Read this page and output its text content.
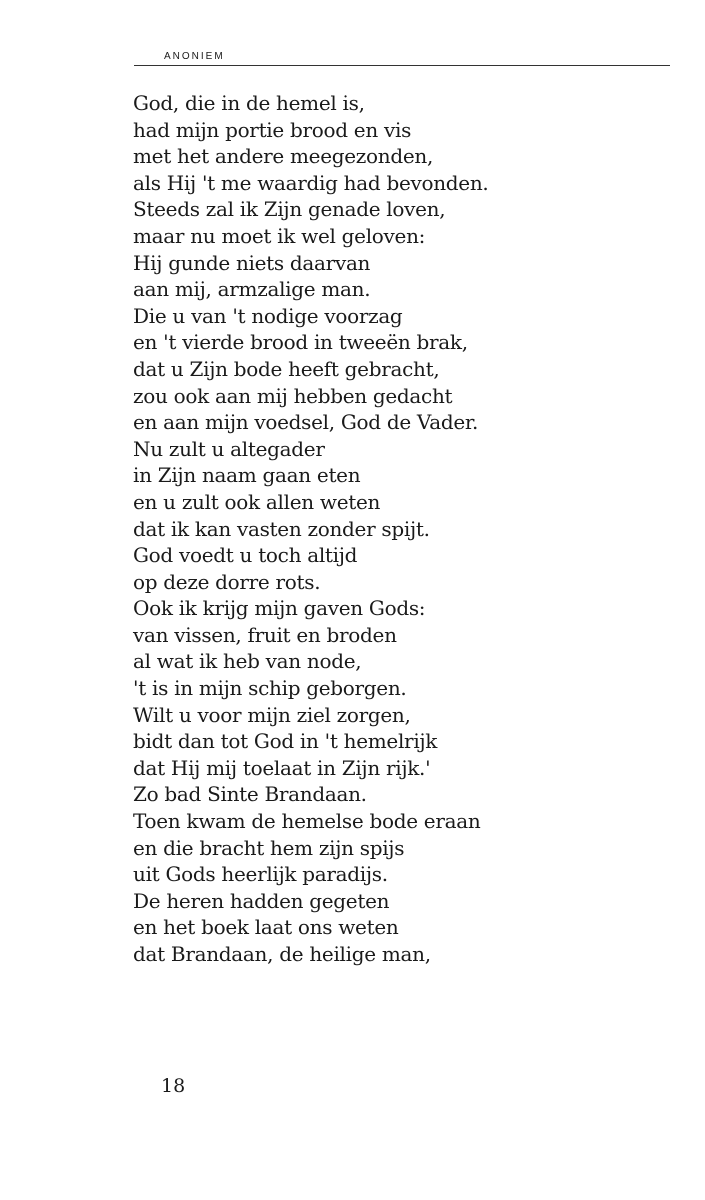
ANONIEM
God, die in de hemel is,
had mijn portie brood en vis
met het andere meegezonden,
als Hij 't me waardig had bevonden.
Steeds zal ik Zijn genade loven,
maar nu moet ik wel geloven:
Hij gunde niets daarvan
aan mij, armzalige man.
Die u van 't nodige voorzag
en 't vierde brood in tweeën brak,
dat u Zijn bode heeft gebracht,
zou ook aan mij hebben gedacht
en aan mijn voedsel, God de Vader.
Nu zult u altegader
in Zijn naam gaan eten
en u zult ook allen weten
dat ik kan vasten zonder spijt.
God voedt u toch altijd
op deze dorre rots.
Ook ik krijg mijn gaven Gods:
van vissen, fruit en broden
al wat ik heb van node,
't is in mijn schip geborgen.
Wilt u voor mijn ziel zorgen,
bidt dan tot God in 't hemelrijk
dat Hij mij toelaat in Zijn rijk.'
Zo bad Sinte Brandaan.
Toen kwam de hemelse bode eraan
en die bracht hem zijn spijs
uit Gods heerlijk paradijs.
De heren hadden gegeten
en het boek laat ons weten
dat Brandaan, de heilige man,
18
